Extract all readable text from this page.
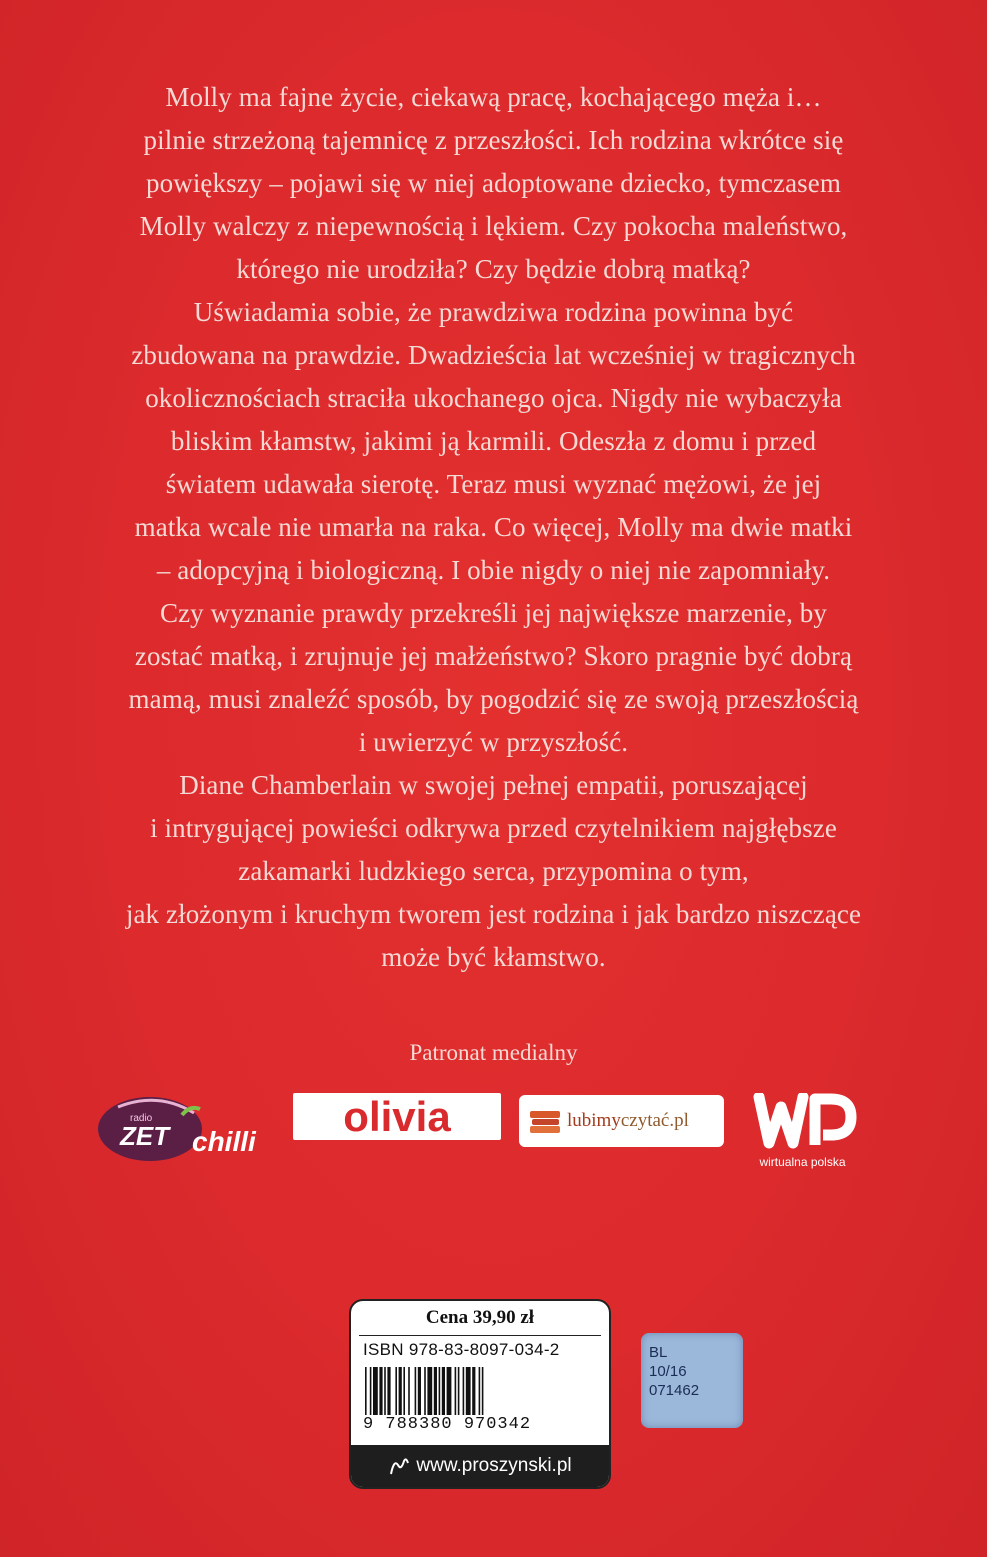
Molly ma fajne życie, ciekawą pracę, kochającego męża i…
pilnie strzeżoną tajemnicę z przeszłości. Ich rodzina wkrótce się
powiększy – pojawi się w niej adoptowane dziecko, tymczasem
Molly walczy z niepewnością i lękiem. Czy pokocha maleństwo,
którego nie urodziła? Czy będzie dobrą matką?
Uświadamia sobie, że prawdziwa rodzina powinna być
zbudowana na prawdzie. Dwadzieścia lat wcześniej w tragicznych
okolicznościach straciła ukochanego ojca. Nigdy nie wybaczyła
bliskim kłamstw, jakimi ją karmili. Odeszła z domu i przed
światem udawała sierotę. Teraz musi wyznać mężowi, że jej
matka wcale nie umarła na raka. Co więcej, Molly ma dwie matki
– adopcyjną i biologiczną. I obie nigdy o niej nie zapomniały.
Czy wyznanie prawdy przekreśli jej największe marzenie, by
zostać matką, i zrujnuje jej małżeństwo? Skoro pragnie być dobrą
mamą, musi znaleźć sposób, by pogodzić się ze swoją przeszłością
i uwierzyć w przyszłość.
Diane Chamberlain w swojej pełnej empatii, poruszającej
i intrygującej powieści odkrywa przed czytelnikiem najgłębsze
zakamarki ludzkiego serca, przypomina o tym,
jak złożonym i kruchym tworem jest rodzina i jak bardzo niszczące
może być kłamstwo.
Patronat medialny
radio
ZET chilli
olivia	lubimyczytać.pl
wirtualna polska
Cena 39,90 zł
ISBN 978-83-8097-034-2
9 788380 970342
www.proszynski.pl
BL
10/16
071462
